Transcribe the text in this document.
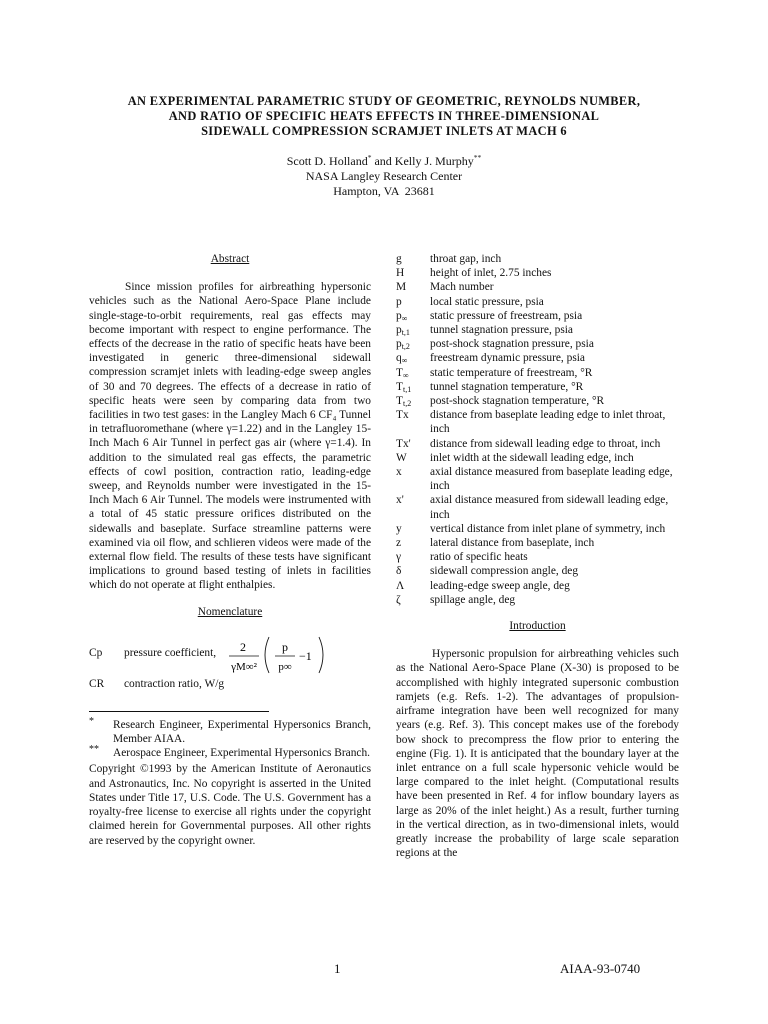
AN EXPERIMENTAL PARAMETRIC STUDY OF GEOMETRIC, REYNOLDS NUMBER,
AND RATIO OF SPECIFIC HEATS EFFECTS IN THREE-DIMENSIONAL
SIDEWALL COMPRESSION SCRAMJET INLETS AT MACH 6
Scott D. Holland* and Kelly J. Murphy**
NASA Langley Research Center
Hampton, VA  23681

Abstract

Since mission profiles for airbreathing hypersonic vehicles such as the National Aero-Space Plane include single-stage-to-orbit requirements, real gas effects may become important with respect to engine performance. The effects of the decrease in the ratio of specific heats have been investigated in generic three-dimensional sidewall compression scramjet inlets with leading-edge sweep angles of 30 and 70 degrees. The effects of a decrease in ratio of specific heats were seen by comparing data from two facilities in two test gases: in the Langley Mach 6 CF₄ Tunnel in tetrafluoromethane (where γ=1.22) and in the Langley 15-Inch Mach 6 Air Tunnel in perfect gas air (where γ=1.4). In addition to the simulated real gas effects, the parametric effects of cowl position, contraction ratio, leading-edge sweep, and Reynolds number were investigated in the 15-Inch Mach 6 Air Tunnel. The models were instrumented with a total of 45 static pressure orifices distributed on the sidewalls and baseplate. Surface streamline patterns were examined via oil flow, and schlieren videos were made of the external flow field. The results of these tests have significant implications to ground based testing of inlets in facilities which do not operate at flight enthalpies.

Nomenclature

Cp pressure coefficient, 2
γM∞²
p
p∞
−1
CR contraction ratio, W/g
* Research Engineer, Experimental Hypersonics Branch, Member AIAA.
** Aerospace Engineer, Experimental Hypersonics Branch.

Copyright ©1993 by the American Institute of Aeronautics and Astronautics, Inc. No copyright is asserted in the United States under Title 17, U.S. Code. The U.S. Government has a royalty-free license to exercise all rights under the copyright claimed herein for Governmental purposes. All other rights are reserved by the copyright owner.

g throat gap, inch
H height of inlet, 2.75 inches
M Mach number
p local static pressure, psia
$p_\infty$ static pressure of freestream, psia
$p_{t,1}$ tunnel stagnation pressure, psia
$p_{t,2}$ post-shock stagnation pressure, psia
$q_\infty$ freestream dynamic pressure, psia
$T_\infty$ static temperature of freestream, °R
$T_{t,1}$ tunnel stagnation temperature, °R
$T_{t,2}$ post-shock stagnation temperature, °R
Tx distance from baseplate leading edge to inlet throat, inch
Tx' distance from sidewall leading edge to throat, inch
W inlet width at the sidewall leading edge, inch
x axial distance measured from baseplate leading edge, inch
x' axial distance measured from sidewall leading edge, inch
y vertical distance from inlet plane of symmetry, inch
z	lateral distance from baseplate, inch
γ	ratio of specific heats
δ	sidewall compression angle, deg
Λ leading-edge sweep angle, deg
ζ	spillage angle, deg

Introduction

Hypersonic propulsion for airbreathing vehicles such as the National Aero-Space Plane (X-30) is proposed to be accomplished with highly integrated supersonic combustion ramjets (e.g. Refs. 1-2). The advantages of propulsion-airframe integration have been well recognized for many years (e.g. Ref. 3). This concept makes use of the forebody bow shock to precompress the flow prior to entering the engine (Fig. 1). It is anticipated that the boundary layer at the inlet entrance on a full scale hypersonic vehicle would be large compared to the inlet height. (Computational results have been presented in Ref. 4 for inflow boundary layers as large as 20% of the inlet height.) As a result, further turning in the vertical direction, as in two-dimensional inlets, would greatly increase the probability of large scale separation regions at the

1	AIAA-93-0740
